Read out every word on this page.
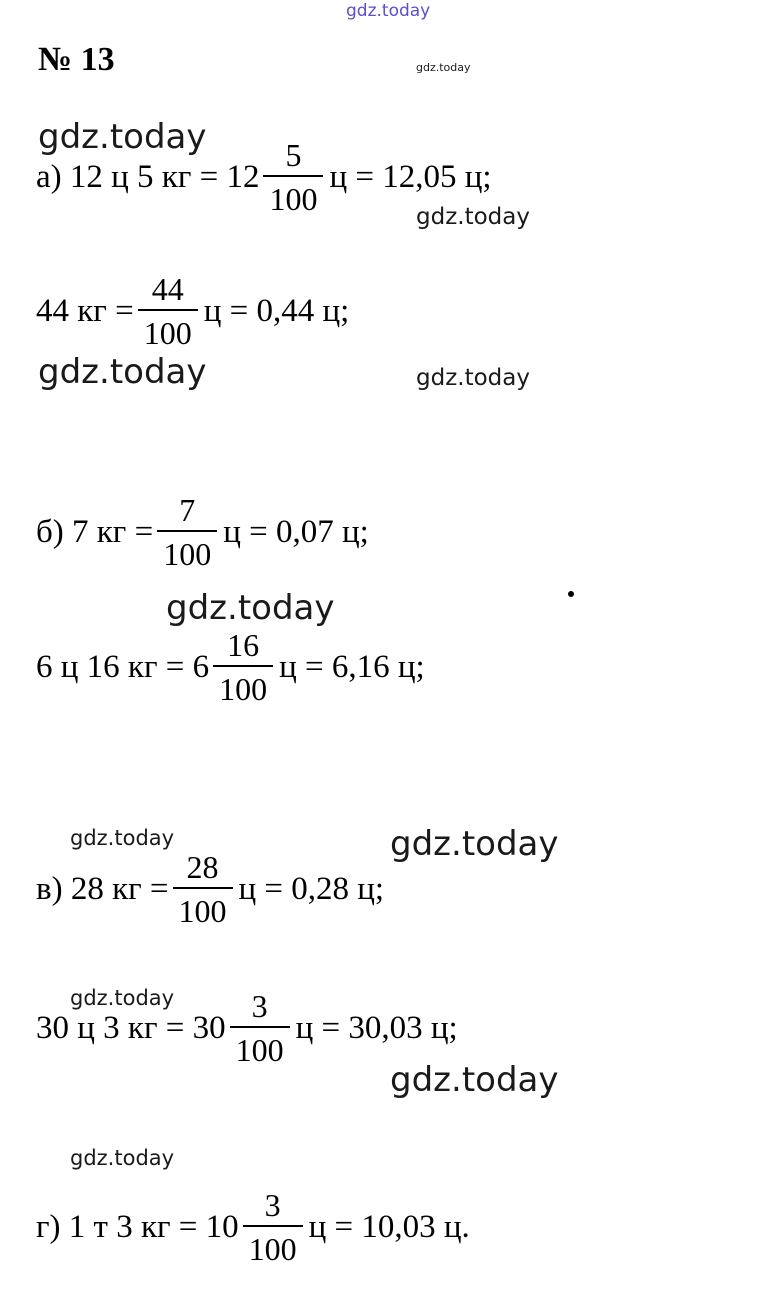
gdz.today
№ 13	gdz.today
gdz.today
а) 12 ц 5 кг = $12 \frac{5}{100}$ ц = 12,05 ц;
gdz.today
44 кг = $\frac{44}{100}$ ц = 0,44 ц;
gdz.today	gdz.today
б) 7 кг = $\frac{7}{100}$ ц = 0,07 ц;
gdz.today
6 ц 16 кг = $6 \frac{16}{100}$ ц = 6,16 ц;
gdz.today	gdz.today
в) 28 кг = $\frac{28}{100}$ ц = 0,28 ц;
gdz.today
30 ц 3 кг = $30 \frac{3}{100}$ ц = 30,03 ц;
gdz.today
gdz.today
г) 1 т 3 кг = $10 \frac{3}{100}$ ц = 10,03 ц.
